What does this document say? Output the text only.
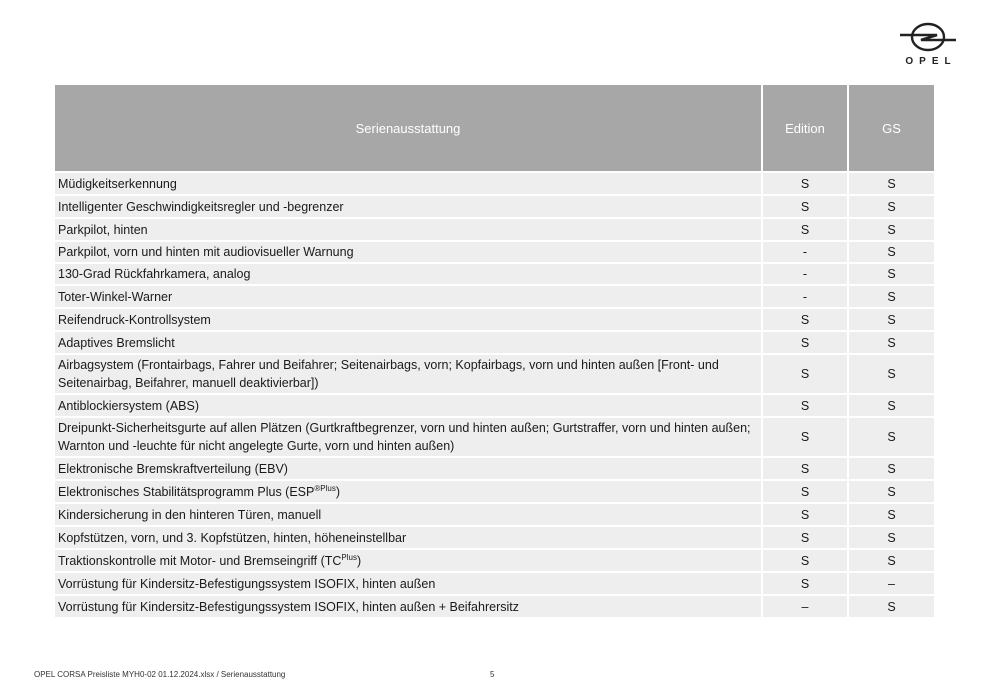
OPEL
Serienausstattung	Edition	GS
Müdigkeitserkennung	S	S
Intelligenter Geschwindigkeitsregler und -begrenzer	S	S
Parkpilot, hinten	S	S
Parkpilot, vorn und hinten mit audiovisueller Warnung	-	S
130-Grad Rückfahrkamera, analog	-	S
Toter-Winkel-Warner	-	S
Reifendruck-Kontrollsystem	S	S
Adaptives Bremslicht	S	S
Airbagsystem (Frontairbags, Fahrer und Beifahrer; Seitenairbags, vorn; Kopfairbags, vorn und hinten außen [Front- und Seitenairbag, Beifahrer, manuell deaktivierbar])	S	S
Antiblockiersystem (ABS)	S	S
Dreipunkt-Sicherheitsgurte auf allen Plätzen (Gurtkraftbegrenzer, vorn und hinten außen; Gurtstraffer, vorn und hinten außen; Warnton und -leuchte für nicht angelegte Gurte, vorn und hinten außen)	S	S
Elektronische Bremskraftverteilung (EBV)	S	S
Elektronisches Stabilitätsprogramm Plus $(ESP^{®Plus})$	S	S
Kindersicherung in den hinteren Türen, manuell	S	S
Kopfstützen, vorn, und 3. Kopfstützen, hinten, höheneinstellbar	S	S
Traktionskontrolle mit Motor- und Bremseingriff $(TC^{Plus})$	S	S
Vorrüstung für Kindersitz-Befestigungssystem ISOFIX, hinten außen	S	–
Vorrüstung für Kindersitz-Befestigungssystem ISOFIX, hinten außen + Beifahrersitz	–	S
OPEL CORSA Preisliste MYH0-02 01.12.2024.xlsx / Serienausstattung	5
